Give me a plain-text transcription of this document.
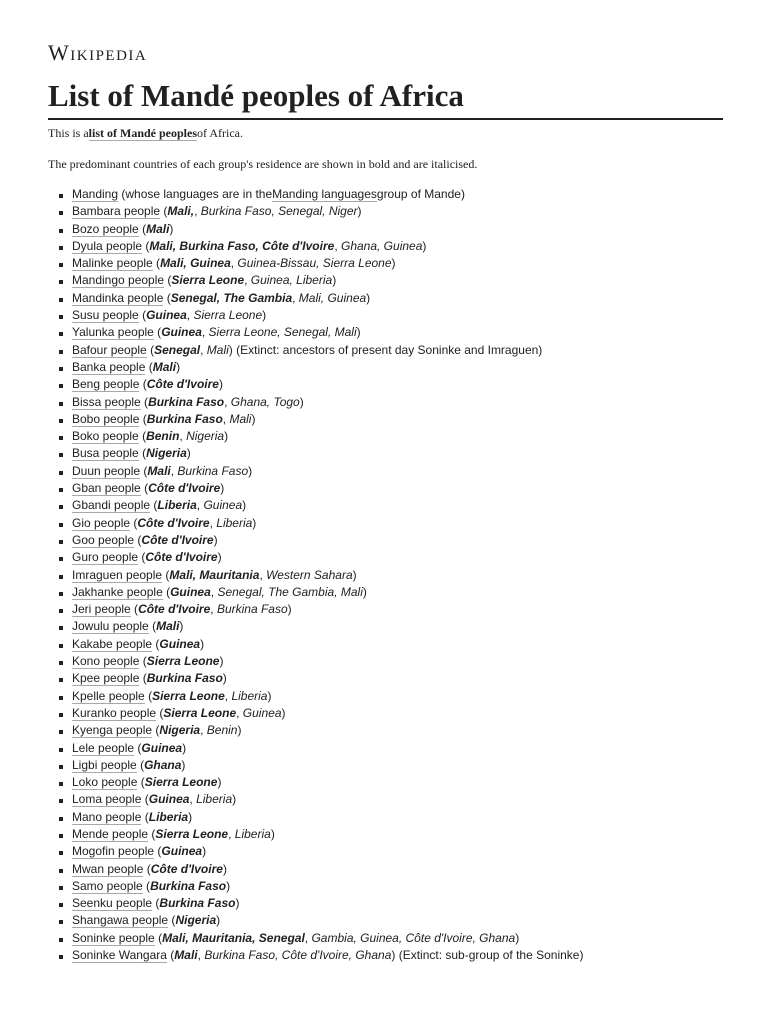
Wikipedia
List of Mandé peoples of Africa
This is alist of Mandé peoplesof Africa.
The predominant countries of each group's residence are shown in bold and are italicised.
Manding (whose languages are in theManding languagesgroup of Mande)
Bambara people (Mali,, Burkina Faso, Senegal, Niger)
Bozo people (Mali)
Dyula people (Mali, Burkina Faso, Côte d'Ivoire, Ghana, Guinea)
Malinke people (Mali, Guinea, Guinea-Bissau, Sierra Leone)
Mandingo people (Sierra Leone, Guinea, Liberia)
Mandinka people (Senegal, The Gambia, Mali, Guinea)
Susu people (Guinea, Sierra Leone)
Yalunka people (Guinea, Sierra Leone, Senegal, Mali)
Bafour people (Senegal, Mali) (Extinct: ancestors of present day Soninke and Imraguen)
Banka people (Mali)
Beng people (Côte d'Ivoire)
Bissa people (Burkina Faso, Ghana, Togo)
Bobo people (Burkina Faso, Mali)
Boko people (Benin, Nigeria)
Busa people (Nigeria)
Duun people (Mali, Burkina Faso)
Gban people (Côte d'Ivoire)
Gbandi people (Liberia, Guinea)
Gio people (Côte d'Ivoire, Liberia)
Goo people (Côte d'Ivoire)
Guro people (Côte d'Ivoire)
Imraguen people (Mali, Mauritania, Western Sahara)
Jakhanke people (Guinea, Senegal, The Gambia, Mali)
Jeri people (Côte d'Ivoire, Burkina Faso)
Jowulu people (Mali)
Kakabe people (Guinea)
Kono people (Sierra Leone)
Kpee people (Burkina Faso)
Kpelle people (Sierra Leone, Liberia)
Kuranko people (Sierra Leone, Guinea)
Kyenga people (Nigeria, Benin)
Lele people (Guinea)
Ligbi people (Ghana)
Loko people (Sierra Leone)
Loma people (Guinea, Liberia)
Mano people (Liberia)
Mende people (Sierra Leone, Liberia)
Mogofin people (Guinea)
Mwan people (Côte d'Ivoire)
Samo people (Burkina Faso)
Seenku people (Burkina Faso)
Shangawa people (Nigeria)
Soninke people (Mali, Mauritania, Senegal, Gambia, Guinea, Côte d'Ivoire, Ghana)
Soninke Wangara (Mali, Burkina Faso, Côte d'Ivoire, Ghana) (Extinct: sub-group of the Soninke)
